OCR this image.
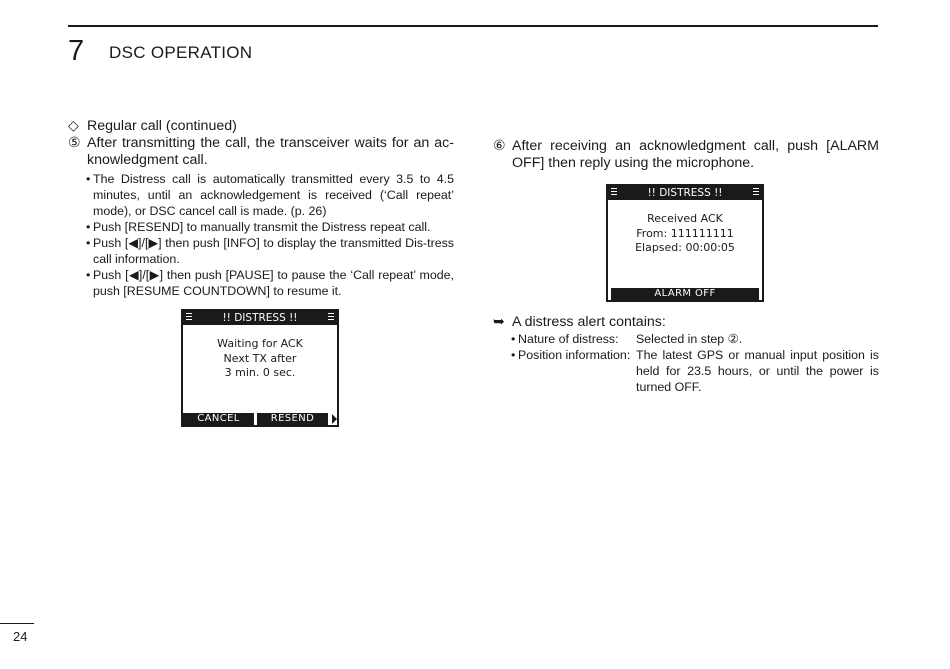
7 DSC OPERATION
◇ Regular call (continued)
⑤ After transmitting the call, the transceiver waits for an ac-knowledgment call.
• The Distress call is automatically transmitted every 3.5 to 4.5 minutes, until an acknowledgement is received (‘Call repeat’ mode), or DSC cancel call is made. (p. 26)
• Push [RESEND] to manually transmit the Distress repeat call.
• Push [◀]/[▶] then push [INFO] to display the transmitted Dis-tress call information.
• Push [◀]/[▶] then push [PAUSE] to pause the ‘Call repeat’ mode, push [RESUME COUNTDOWN] to resume it.
!! DISTRESS !!
Waiting for ACK
Next TX after
3 min. 0 sec.
CANCEL	RESEND
⑥ After receiving an acknowledgment call, push [ALARM OFF] then reply using the microphone.
!! DISTRESS !!
Received ACK
From: 111111111
Elapsed: 00:00:05
ALARM OFF
➥ A distress alert contains:
• Nature of distress:	Selected in step ②.
• Position information: The latest GPS or manual input position is held for 23.5 hours, or until the power is turned OFF.
24
